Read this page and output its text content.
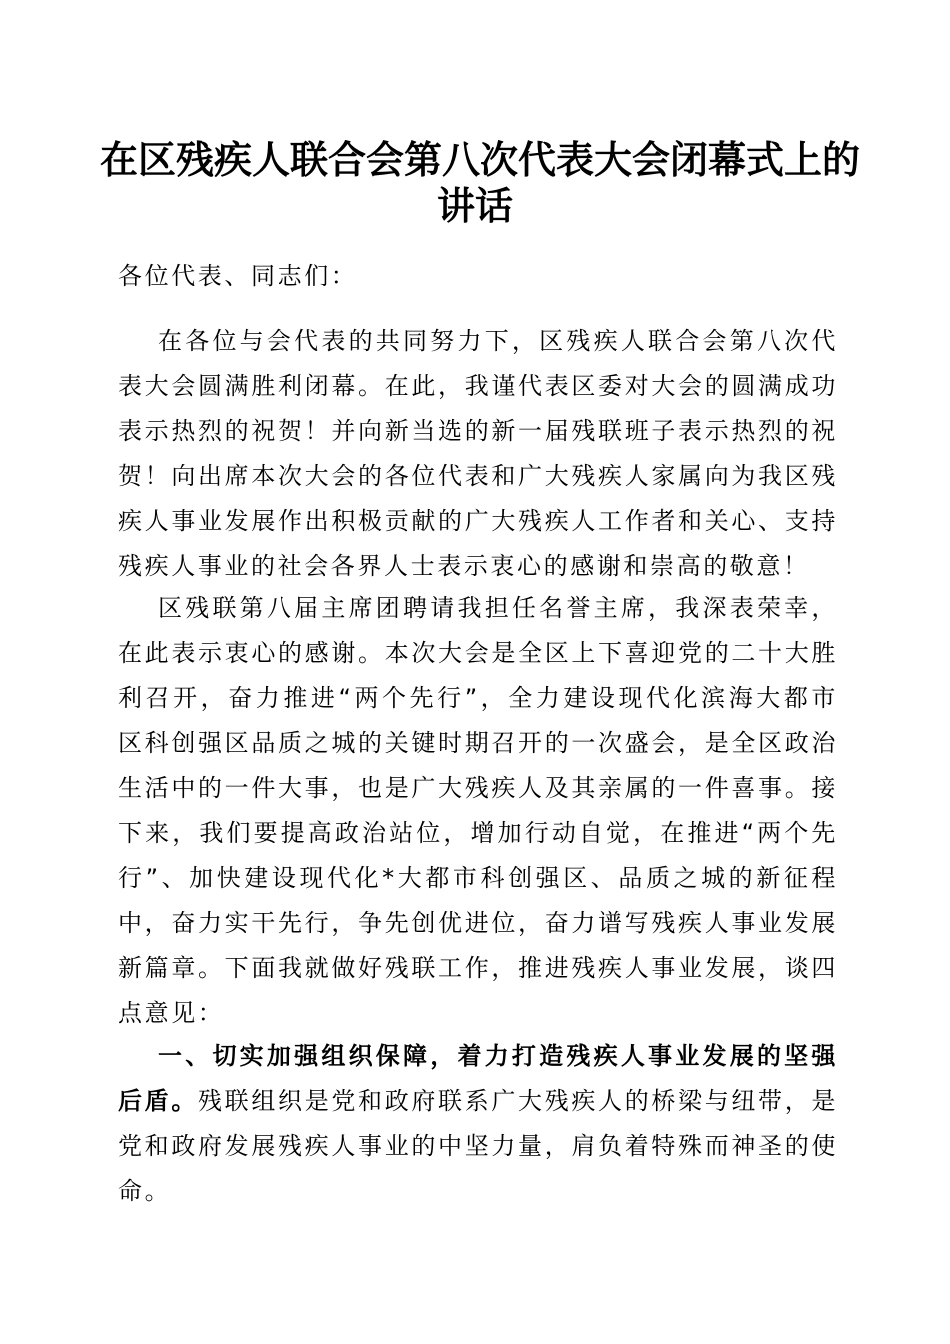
在区残疾人联合会第八次代表大会闭幕式上的
讲话
各位代表、同志们：
在各位与会代表的共同努力下，区残疾人联合会第八次代表大会圆满胜利闭幕。在此，我谨代表区委对大会的圆满成功表示热烈的祝贺！并向新当选的新一届残联班子表示热烈的祝贺！向出席本次大会的各位代表和广大残疾人家属向为我区残疾人事业发展作出积极贡献的广大残疾人工作者和关心、支持残疾人事业的社会各界人士表示衷心的感谢和崇高的敬意！
区残联第八届主席团聘请我担任名誉主席，我深表荣幸，在此表示衷心的感谢。本次大会是全区上下喜迎党的二十大胜利召开，奋力推进“两个先行”，全力建设现代化滨海大都市区科创强区品质之城的关键时期召开的一次盛会，是全区政治生活中的一件大事，也是广大残疾人及其亲属的一件喜事。接下来，我们要提高政治站位，增加行动自觉，在推进“两个先行”、加快建设现代化*大都市科创强区、品质之城的新征程中，奋力实干先行，争先创优进位，奋力谱写残疾人事业发展新篇章。下面我就做好残联工作，推进残疾人事业发展，谈四点意见：
一、切实加强组织保障，着力打造残疾人事业发展的坚强后盾。残联组织是党和政府联系广大残疾人的桥梁与纽带，是党和政府发展残疾人事业的中坚力量，肩负着特殊而神圣的使命。
